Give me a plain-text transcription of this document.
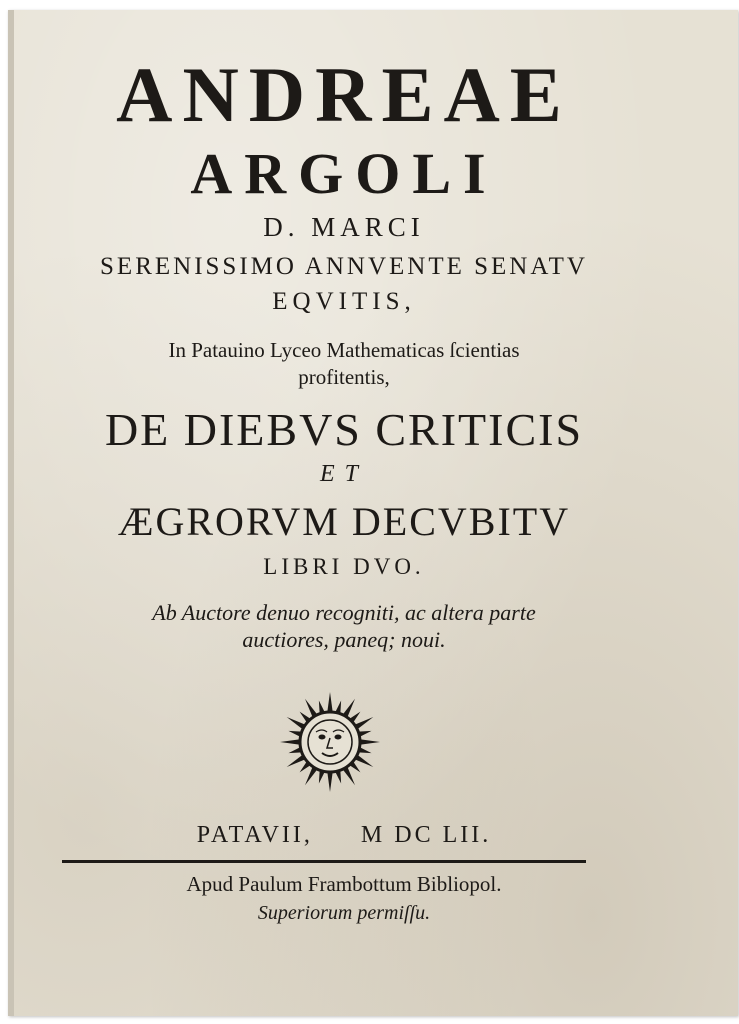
ANDREAE
ARGOLI
D. MARCI
SERENISSIMO ANNVENTE SENATV
EQVITIS,
In Patauino Lyceo Mathematicas ſcientias
profitentis,
DE DIEBVS CRITICIS
ET
ÆGRORVM DECVBITV
LIBRI DVO.
Ab Auctore denuo recogniti, ac altera parte
auctiores, paneq; noui.
PATAVII, M DC LII.
Apud Paulum Frambottum Bibliopol.
Superiorum permiſſu.
